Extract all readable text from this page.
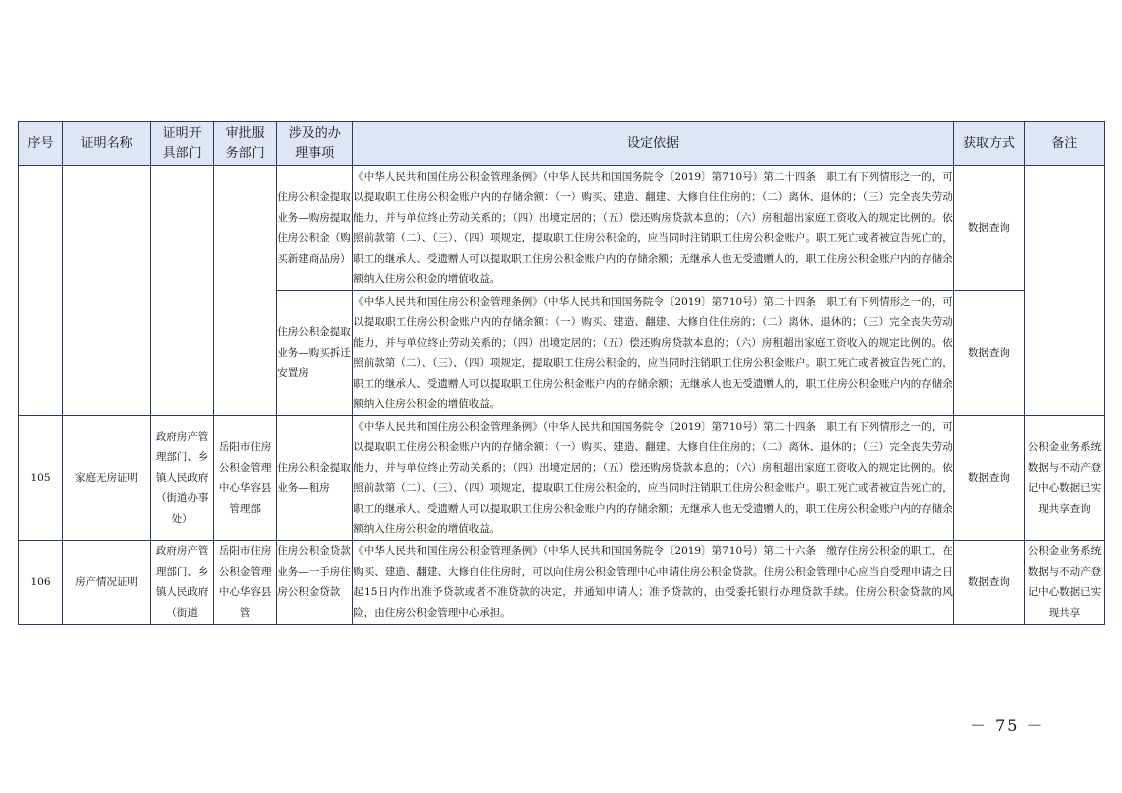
序号	证明名称	证明开具部门	审批服务部门	涉及的办理事项	设定依据	获取方式	备注
				住房公积金提取业务—购房提取住房公积金（购买新建商品房）	《中华人民共和国住房公积金管理条例》（中华人民共和国国务院令〔2019〕第710号）第二十四条　职工有下列情形之一的，可以提取职工住房公积金账户内的存储余额：（一）购买、建造、翻建、大修自住住房的；（二）离休、退休的；（三）完全丧失劳动能力，并与单位终止劳动关系的；（四）出境定居的；（五）偿还购房贷款本息的；（六）房租超出家庭工资收入的规定比例的。依照前款第（二）、（三）、（四）项规定，提取职工住房公积金的，应当同时注销职工住房公积金账户。职工死亡或者被宣告死亡的，职工的继承人、受遗赠人可以提取职工住房公积金账户内的存储余额；无继承人也无受遗赠人的，职工住房公积金账户内的存储余额纳入住房公积金的增值收益。	数据查询	
				住房公积金提取业务—购买拆迁安置房	《中华人民共和国住房公积金管理条例》（中华人民共和国国务院令〔2019〕第710号）第二十四条　职工有下列情形之一的，可以提取职工住房公积金账户内的存储余额：（一）购买、建造、翻建、大修自住住房的；（二）离休、退休的；（三）完全丧失劳动能力，并与单位终止劳动关系的；（四）出境定居的；（五）偿还购房贷款本息的；（六）房租超出家庭工资收入的规定比例的。依照前款第（二）、（三）、（四）项规定，提取职工住房公积金的，应当同时注销职工住房公积金账户。职工死亡或者被宣告死亡的，职工的继承人、受遗赠人可以提取职工住房公积金账户内的存储余额；无继承人也无受遗赠人的，职工住房公积金账户内的存储余额纳入住房公积金的增值收益。	数据查询	
105	家庭无房证明	政府房产管理部门、乡镇人民政府（街道办事处）	岳阳市住房公积金管理中心华容县管理部	住房公积金提取业务—租房	《中华人民共和国住房公积金管理条例》（中华人民共和国国务院令〔2019〕第710号）第二十四条　职工有下列情形之一的，可以提取职工住房公积金账户内的存储余额：（一）购买、建造、翻建、大修自住住房的；（二）离休、退休的；（三）完全丧失劳动能力，并与单位终止劳动关系的；（四）出境定居的；（五）偿还购房贷款本息的；（六）房租超出家庭工资收入的规定比例的。依照前款第（二）、（三）、（四）项规定，提取职工住房公积金的，应当同时注销职工住房公积金账户。职工死亡或者被宣告死亡的，职工的继承人、受遗赠人可以提取职工住房公积金账户内的存储余额；无继承人也无受遗赠人的，职工住房公积金账户内的存储余额纳入住房公积金的增值收益。	数据查询	公积金业务系统数据与不动产登记中心数据已实现共享查询
106	房产情况证明	政府房产管理部门、乡镇人民政府（街道	岳阳市住房公积金管理中心华容县管	住房公积金贷款业务—一手房住房公积金贷款	《中华人民共和国住房公积金管理条例》（中华人民共和国国务院令〔2019〕第710号）第二十六条　缴存住房公积金的职工，在购买、建造、翻建、大修自住住房时，可以向住房公积金管理中心申请住房公积金贷款。住房公积金管理中心应当自受理申请之日起15日内作出准予贷款或者不准贷款的决定，并通知申请人；准予贷款的，由受委托银行办理贷款手续。住房公积金贷款的风险，由住房公积金管理中心承担。	数据查询	公积金业务系统数据与不动产登记中心数据已实现共享
－ 75 －
